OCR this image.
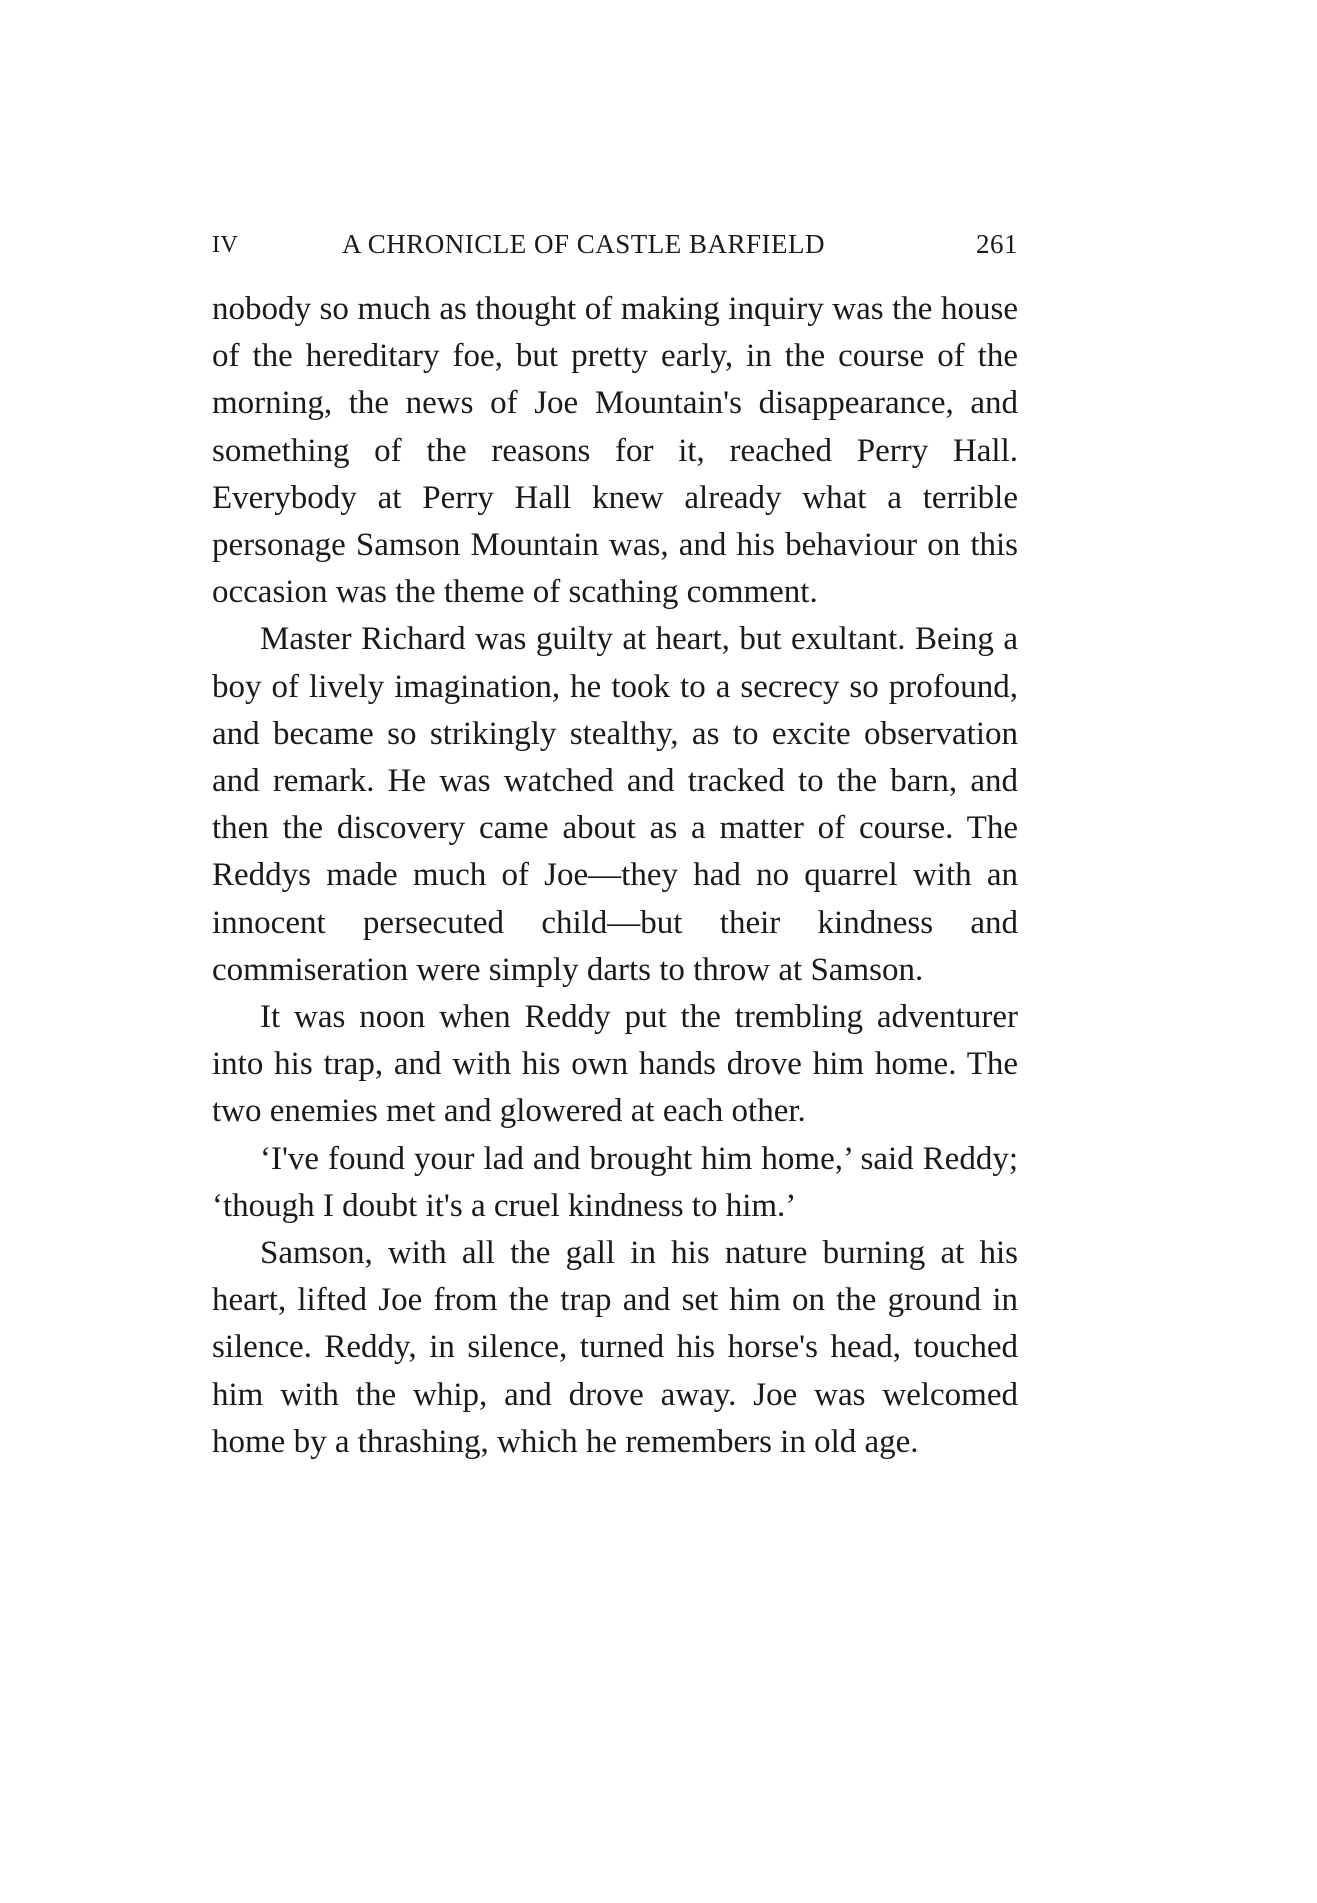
IV	A CHRONICLE OF CASTLE BARFIELD	261

nobody so much as thought of making inquiry was the house of the hereditary foe, but pretty early, in the course of the morning, the news of Joe Mountain's disappearance, and something of the reasons for it, reached Perry Hall. Everybody at Perry Hall knew already what a terrible personage Samson Mountain was, and his behaviour on this occasion was the theme of scathing comment.

Master Richard was guilty at heart, but exultant. Being a boy of lively imagination, he took to a secrecy so profound, and became so strikingly stealthy, as to excite observation and remark. He was watched and tracked to the barn, and then the discovery came about as a matter of course. The Reddys made much of Joe—they had no quarrel with an innocent persecuted child—but their kindness and commiseration were simply darts to throw at Samson.

It was noon when Reddy put the trembling adventurer into his trap, and with his own hands drove him home. The two enemies met and glowered at each other.

‘I've found your lad and brought him home,’ said Reddy; ‘though I doubt it's a cruel kindness to him.’

Samson, with all the gall in his nature burning at his heart, lifted Joe from the trap and set him on the ground in silence. Reddy, in silence, turned his horse's head, touched him with the whip, and drove away. Joe was welcomed home by a thrashing, which he remembers in old age.
